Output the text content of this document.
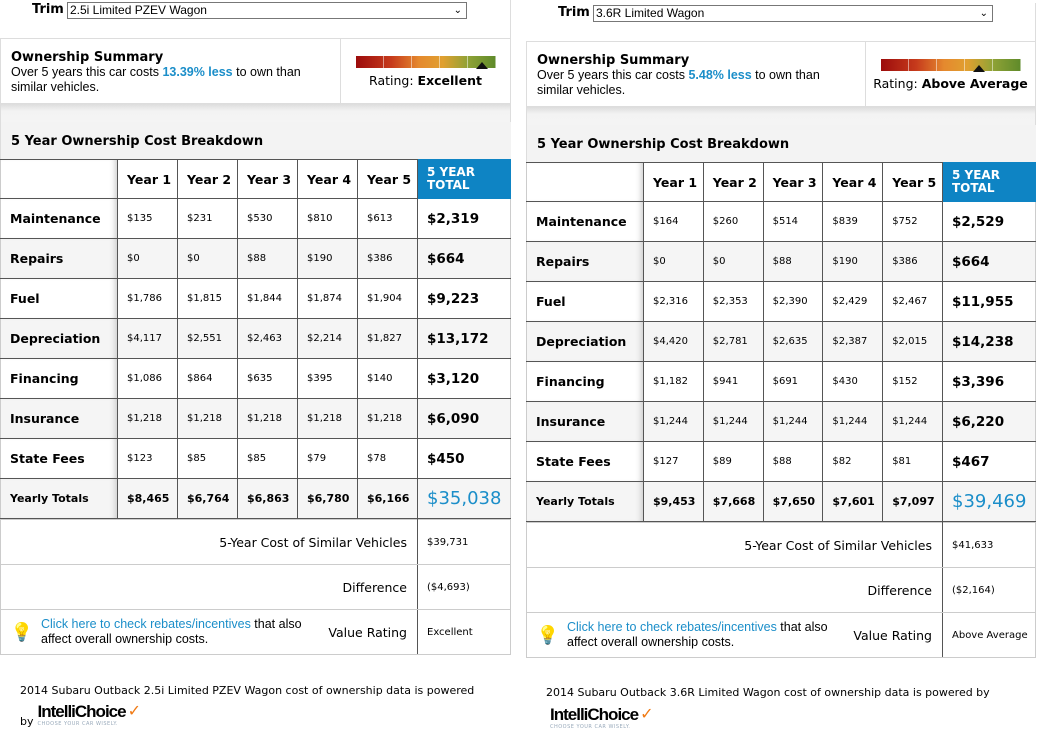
Trim 2.5i Limited PZEV Wagon	⌄
Ownership Summary
Over 5 years this car costs 13.39% less to own than similar vehicles.	Rating: Excellent
5 Year Ownership Cost Breakdown
	Year 1	Year 2	Year 3	Year 4	Year 5	5 YEAR TOTAL
Maintenance	$135	$231	$530	$810	$613	$2,319
Repairs	$0	$0	$88	$190	$386	$664
Fuel	$1,786	$1,815	$1,844	$1,874	$1,904	$9,223
Depreciation	$4,117	$2,551	$2,463	$2,214	$1,827	$13,172
Financing	$1,086	$864	$635	$395	$140	$3,120
Insurance	$1,218	$1,218	$1,218	$1,218	$1,218	$6,090
State Fees	$123	$85	$85	$79	$78	$450
Yearly Totals	$8,465	$6,764	$6,863	$6,780	$6,166	$35,038
5-Year Cost of Similar Vehicles	$39,731
Difference	($4,693)

💡 Click here to check rebates/incentives that also affect overall ownership costs. Value Rating	Excellent
2014 Subaru Outback 2.5i Limited PZEV Wagon cost of ownership data is powered
by
IntelliChoice
CHOOSE YOUR CAR WISELY.
✓
Trim 3.6R Limited Wagon	⌄
Ownership Summary
Over 5 years this car costs 5.48% less to own than similar vehicles.	Rating: Above Average
5 Year Ownership Cost Breakdown
	Year 1	Year 2	Year 3	Year 4	Year 5	5 YEAR TOTAL
Maintenance	$164	$260	$514	$839	$752	$2,529
Repairs	$0	$0	$88	$190	$386	$664
Fuel	$2,316	$2,353	$2,390	$2,429	$2,467	$11,955
Depreciation	$4,420	$2,781	$2,635	$2,387	$2,015	$14,238
Financing	$1,182	$941	$691	$430	$152	$3,396
Insurance	$1,244	$1,244	$1,244	$1,244	$1,244	$6,220
State Fees	$127	$89	$88	$82	$81	$467
Yearly Totals	$9,453	$7,668	$7,650	$7,601	$7,097	$39,469
5-Year Cost of Similar Vehicles	$41,633
Difference	($2,164)

💡 Click here to check rebates/incentives that also affect overall ownership costs. Value Rating	Above Average
2014 Subaru Outback 3.6R Limited Wagon cost of ownership data is powered by
IntelliChoice
CHOOSE YOUR CAR WISELY.
✓
